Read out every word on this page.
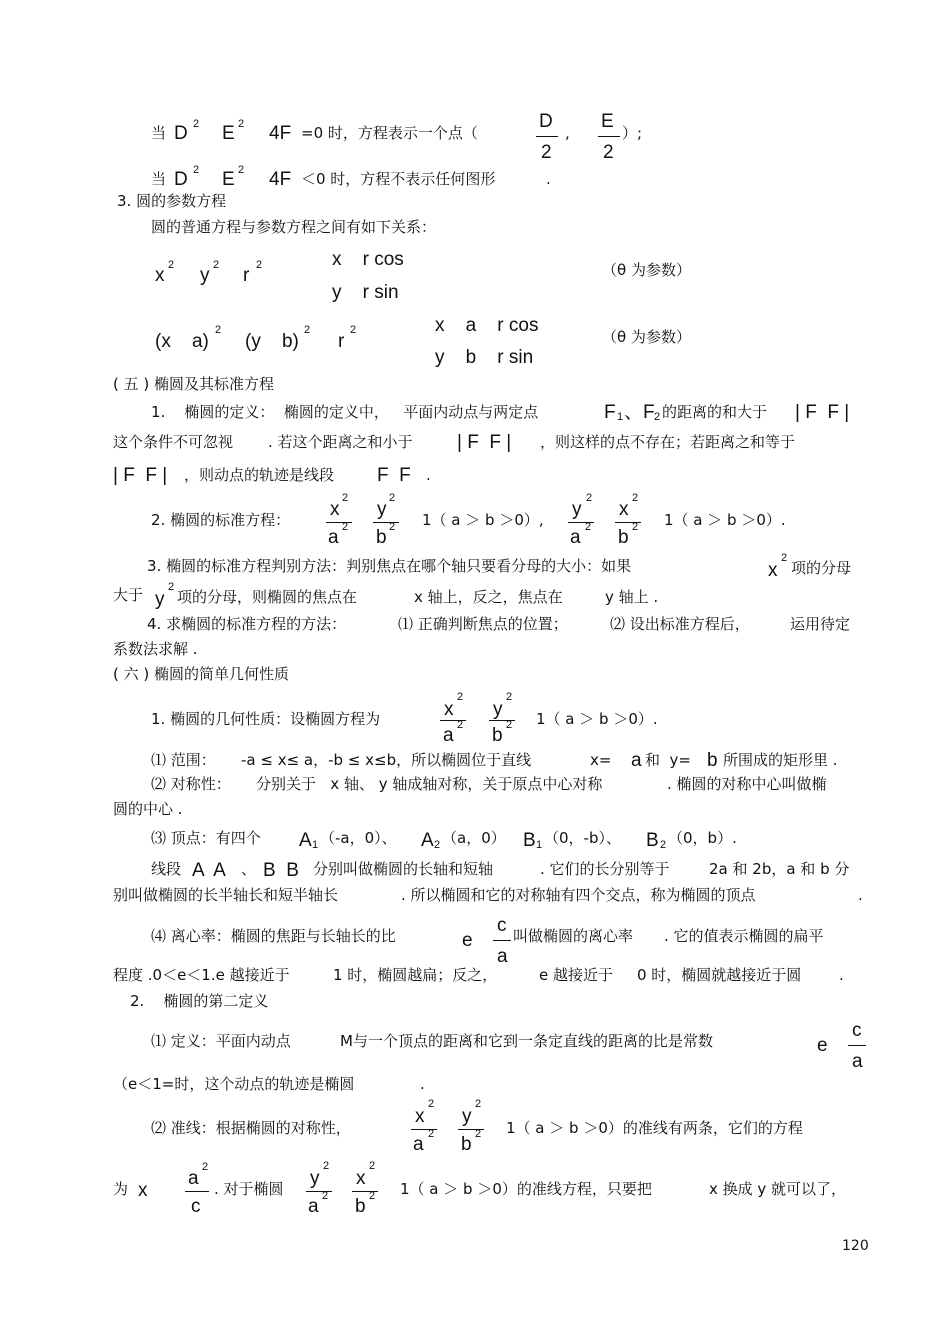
当 D 2 E 2 4F =0 时，方程表示一个点（
D
2
,
E
2
）;
当 D 2 E 2 4F ＜0 时，方程不表示任何图形	.
3. 圆的参数方程
圆的普通方程与参数方程之间有如下关系：
x 2 y 2 r 2	x    r cos
y    r sin
（θ 为参数）
(x    a)
2
(y    b)
2
r
2	x    a    r cos
y    b    r sin
（θ 为参数）
( 五 ) 椭圆及其标准方程
1.    椭圆的定义：  椭圆的定义中，   平面内动点与两定点	F 1 、F 2 的距离的和大于 | F  F |
这个条件不可忽视 . 若这个距离之和小于 | F  F | ，则这样的点不存在；若距离之和等于
| F  F | ，则动点的轨迹是线段 F  F .
2. 椭圆的标准方程： x
2
a 2
y
2
b 2 1（ a ＞ b ＞0）, y
2
a 2
x
2
b 2 1（ a ＞ b ＞0）.
3. 椭圆的标准方程判别方法：判别焦点在哪个轴只要看分母的大小：如果	x
2
项的分母
大于 y
2
项的分母，则椭圆的焦点在	x 轴上，反之，焦点在	y 轴上 .
4. 求椭圆的标准方程的方法：	⑴ 正确判断焦点的位置；	⑵ 设出标准方程后，	运用待定
系数法求解 .
( 六 ) 椭圆的简单几何性质
1. 椭圆的几何性质：设椭圆方程为	x
2
a 2
y
2
b 2 1（ a ＞ b ＞0）.
⑴ 范围： -a ≤ x≤ a，-b ≤ x≤b，所以椭圆位于直线	x= a 和  y= b 所围成的矩形里 .
⑵ 对称性： 分别关于   x 轴、 y 轴成轴对称，关于原点中心对称	. 椭圆的对称中心叫做椭
圆的中心 .
⑶ 顶点：有四个 A 1 （-a，0）、 A 2 （a，0） B 1 （0，-b）、 B 2 （0，b）.
线段 A  A 、 B  B 分别叫做椭圆的长轴和短轴	. 它们的长分别等于	2a 和 2b，a 和 b 分
别叫做椭圆的长半轴长和短半轴长	. 所以椭圆和它的对称轴有四个交点，称为椭圆的顶点	.
⑷ 离心率：椭圆的焦距与长轴长的比	e
c
a
叫做椭圆的离心率 . 它的值表示椭圆的扁平
程度 .0＜e＜1.e 越接近于	1 时，椭圆越扁；反之，	e 越接近于 0 时，椭圆就越接近于圆	.
2.    椭圆的第二定义
⑴ 定义：平面内动点	M与一个顶点的距离和它到一条定直线的距离的比是常数	e
c
a
（e＜1=时，这个动点的轨迹是椭圆	.
⑵ 准线：根据椭圆的对称性，
x
2
a 2
y
2
b 2 1（ a ＞ b ＞0）的准线有两条，它们的方程
为 x
a
2
c
. 对于椭圆 y
2
a 2
x
2
b 2 1（ a ＞ b ＞0）的准线方程，只要把	x 换成 y 就可以了，
120
